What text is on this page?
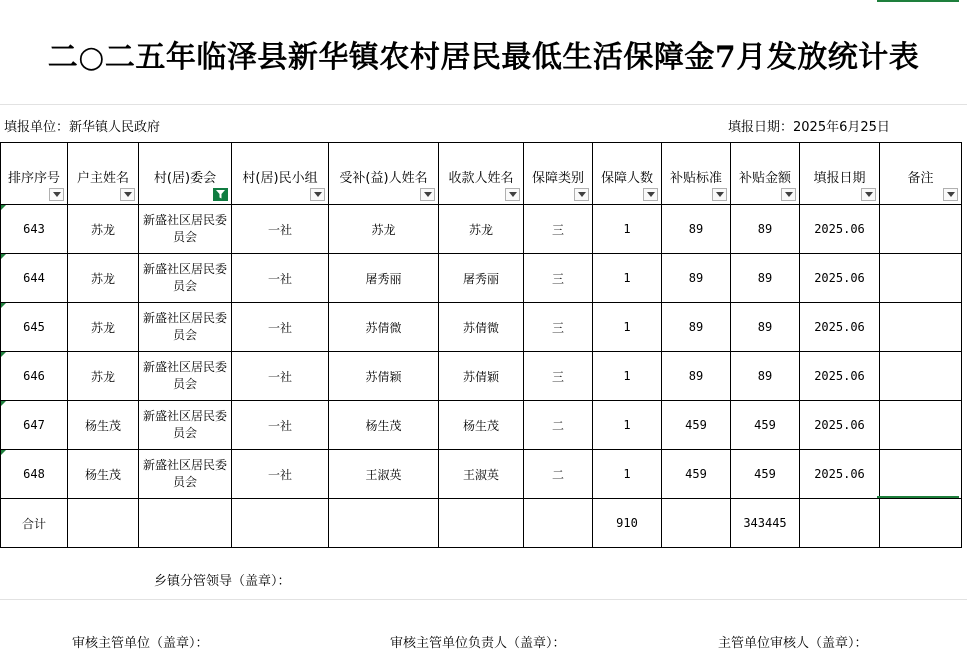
二○二五年临泽县新华镇农村居民最低生活保障金7月发放统计表
填报单位：新华镇人民政府	填报日期：2025年6月25日
排序序号	户主姓名	村(居)委会	村(居)民小组	受补(益)人姓名	收款人姓名	保障类别	保障人数	补贴标准	补贴金额	填报日期	备注

643	苏龙	新盛社区居民委员会	一社	苏龙	苏龙	三	1	89	89	2025.06	

644	苏龙	新盛社区居民委员会	一社	屠秀丽	屠秀丽	三	1	89	89	2025.06	

645	苏龙	新盛社区居民委员会	一社	苏倩微	苏倩微	三	1	89	89	2025.06	

646	苏龙	新盛社区居民委员会	一社	苏倩颖	苏倩颖	三	1	89	89	2025.06	

647	杨生茂	新盛社区居民委员会	一社	杨生茂	杨生茂	二	1	459	459	2025.06	

648	杨生茂	新盛社区居民委员会	一社	王淑英	王淑英	二	1	459	459	2025.06	
合计							910		343445		
乡镇分管领导（盖章）：
审核主管单位（盖章）：	审核主管单位负责人（盖章）：	主管单位审核人（盖章）：
